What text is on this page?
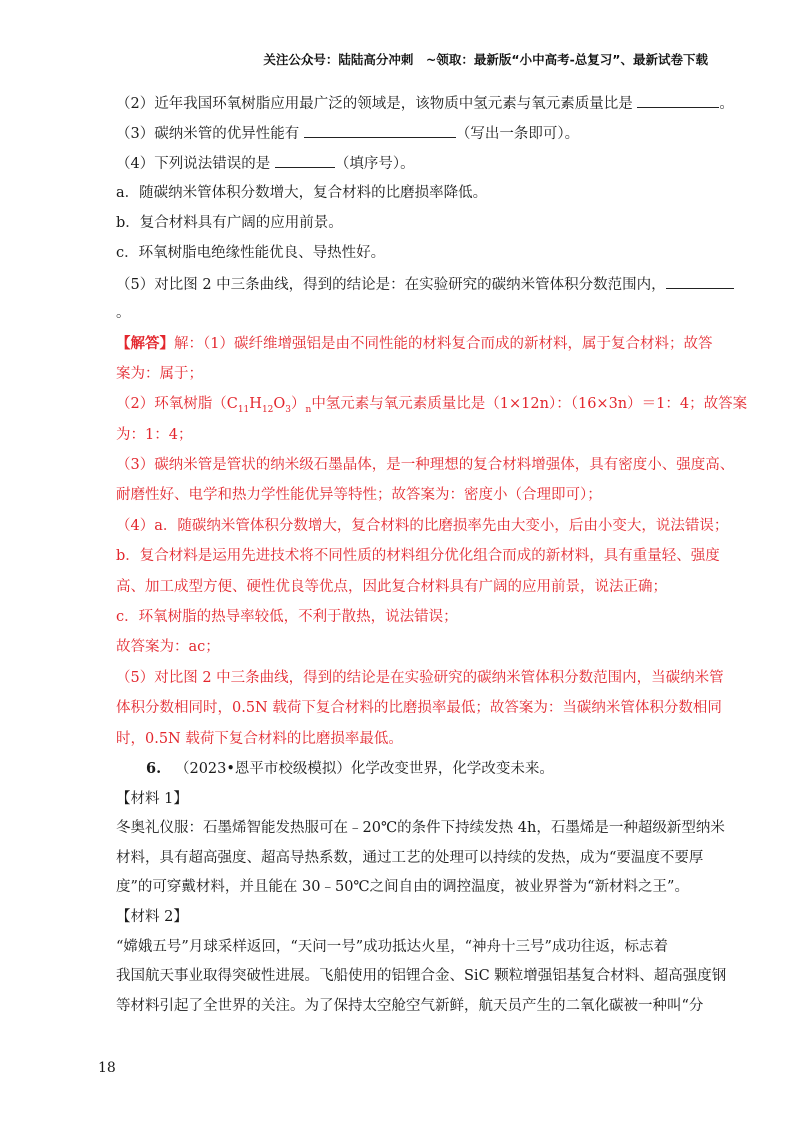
关注公众号：陆陆高分冲刺　~领取：最新版“小中高考-总复习”、最新试卷下载

（2）近年我国环氧树脂应用最广泛的领域是，该物质中氢元素与氧元素质量比是	。

（3）碳纳米管的优异性能有	（写出一条即可）。

（4）下列说法错误的是	（填序号）。

a．随碳纳米管体积分数增大，复合材料的比磨损率降低。

b．复合材料具有广阔的应用前景。

c．环氧树脂电绝缘性能优良、导热性好。

（5）对比图 2 中三条曲线，得到的结论是：在实验研究的碳纳米管体积分数范围内，

。

【解答】解：（1）碳纤维增强铝是由不同性能的材料复合而成的新材料，属于复合材料；故答

案为：属于；

（2）环氧树脂$(C_{11}H_{12}O_3)_n$中氢元素与氧元素质量比是（1×12n）：（16×3n）＝1：4；故答案

为：1：4；

（3）碳纳米管是管状的纳米级石墨晶体，是一种理想的复合材料增强体，具有密度小、强度高、

耐磨性好、电学和热力学性能优异等特性；故答案为：密度小（合理即可）；

（4）a．随碳纳米管体积分数增大，复合材料的比磨损率先由大变小，后由小变大，说法错误；

b．复合材料是运用先进技术将不同性质的材料组分优化组合而成的新材料，具有重量轻、强度

高、加工成型方便、硬性优良等优点，因此复合材料具有广阔的应用前景，说法正确；

c．环氧树脂的热导率较低，不利于散热，说法错误；

故答案为：ac；

（5）对比图 2 中三条曲线，得到的结论是在实验研究的碳纳米管体积分数范围内，当碳纳米管

体积分数相同时，0.5N 载荷下复合材料的比磨损率最低；故答案为：当碳纳米管体积分数相同

时，0.5N 载荷下复合材料的比磨损率最低。

6. （2023•恩平市校级模拟）化学改变世界，化学改变未来。

【材料 1】

冬奥礼仪服：石墨烯智能发热服可在﹣20℃的条件下持续发热 4h，石墨烯是一种超级新型纳米

材料，具有超高强度、超高导热系数，通过工艺的处理可以持续的发热，成为“要温度不要厚

度”的可穿戴材料，并且能在 30﹣50℃之间自由的调控温度，被业界誉为“新材料之王”。

【材料 2】

“嫦娥五号”月球采样返回，“天问一号”成功抵达火星，“神舟十三号”成功往返，标志着

我国航天事业取得突破性进展。飞船使用的铝锂合金、SiC 颗粒增强铝基复合材料、超高强度钢

等材料引起了全世界的关注。为了保持太空舱空气新鲜，航天员产生的二氧化碳被一种叫“分

18
